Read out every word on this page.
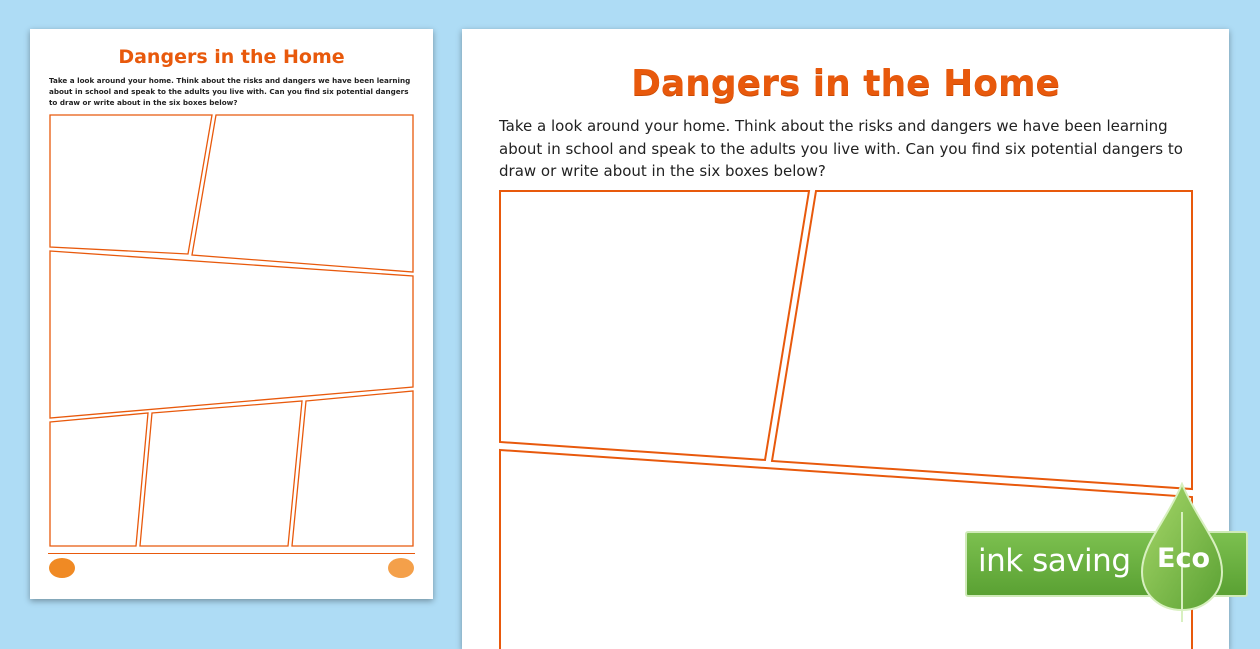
Dangers in the Home
Take a look around your home. Think about the risks and dangers we have been learning about in school and speak to the adults you live with. Can you find six potential dangers to draw or write about in the six boxes below?	Dangers in the Home
Take a look around your home. Think about the risks and dangers we have been learning about in school and speak to the adults you live with. Can you find six potential dangers to draw or write about in the six boxes below?
ink saving Eco
